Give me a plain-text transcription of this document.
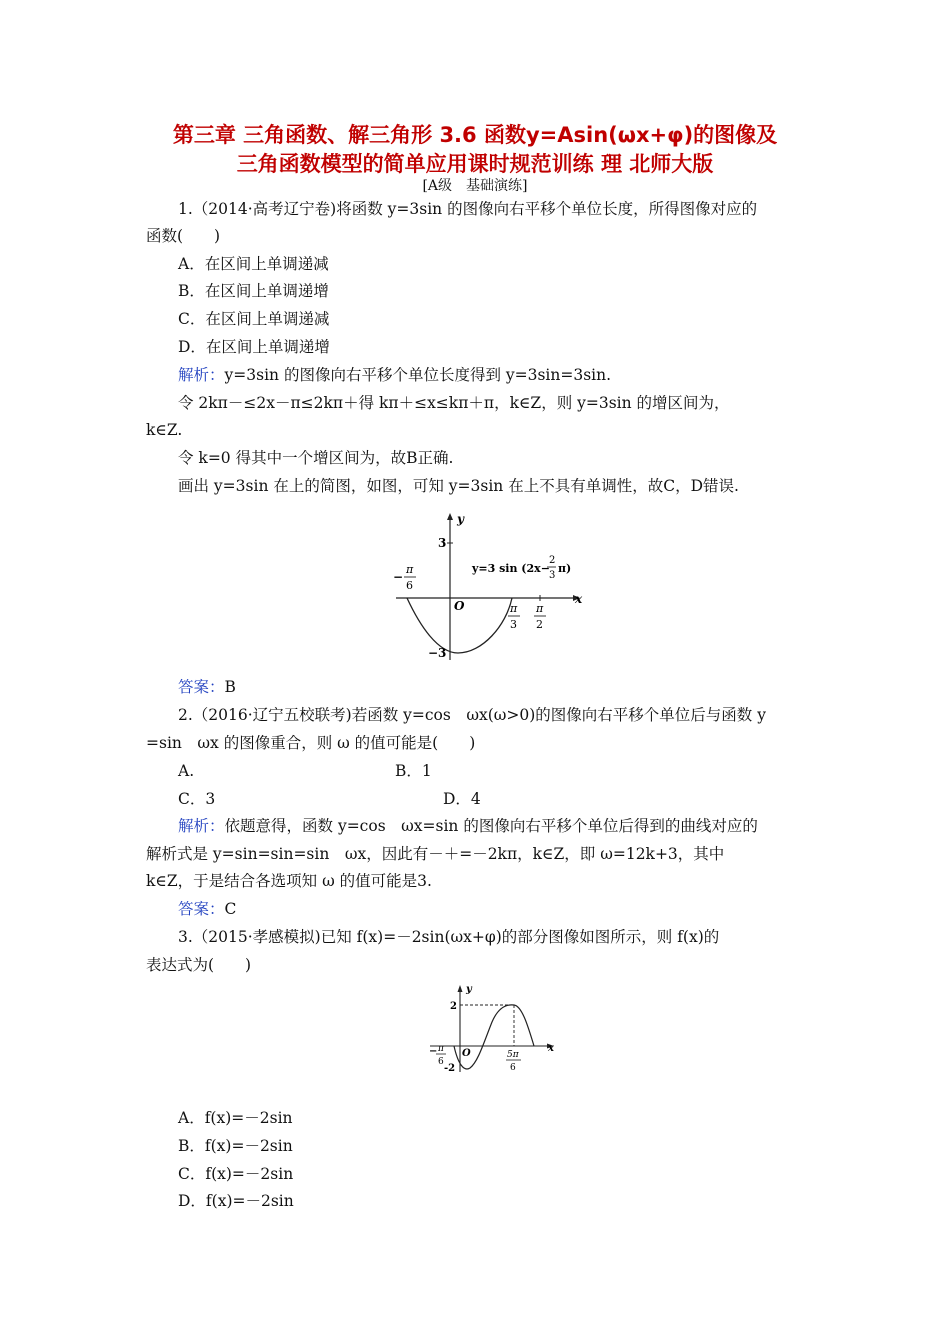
第三章 三角函数、解三角形 3.6 函数y=Asin(ωx+φ)的图像及
三角函数模型的简单应用课时规范训练 理 北师大版
[A级　基础演练]
1.（2014·高考辽宁卷)将函数 y=3sin 的图像向右平移个单位长度，所得图像对应的
函数(　　)
A．在区间上单调递减
B．在区间上单调递增
C．在区间上单调递减
D．在区间上单调递增
解析：y=3sin 的图像向右平移个单位长度得到 y=3sin=3sin.
令 2kπ－≤2x－π≤2kπ＋得 kπ＋≤x≤kπ＋π，k∈Z，则 y=3sin 的增区间为，
k∈Z.
令 k=0 得其中一个增区间为，故B正确.
画出 y=3sin 在上的简图，如图，可知 y=3sin 在上不具有单调性，故C，D错误.
y
x
O
3
−3
−
π
6
π
3
π
2
y=3 sin (2x−
2
3
π)
答案：B
2.（2016·辽宁五校联考)若函数 y=cos　ωx(ω>0)的图像向右平移个单位后与函数 y
=sin　ωx 的图像重合，则 ω 的值可能是(　　)
A.	B．1
C．3	D．4
解析：依题意得，函数 y=cos　ωx=sin 的图像向右平移个单位后得到的曲线对应的
解析式是 y=sin=sin=sin　ωx，因此有－＋=－2kπ，k∈Z，即 ω=12k+3，其中
k∈Z，于是结合各选项知 ω 的值可能是3.
答案：C
3.（2015·孝感模拟)已知 f(x)=－2sin(ωx+φ)的部分图像如图所示，则 f(x)的
表达式为(　　)
y
x
O
2
-2
− π
6
5π
6
A．f(x)=－2sin
B．f(x)=－2sin
C．f(x)=－2sin
D．f(x)=－2sin
